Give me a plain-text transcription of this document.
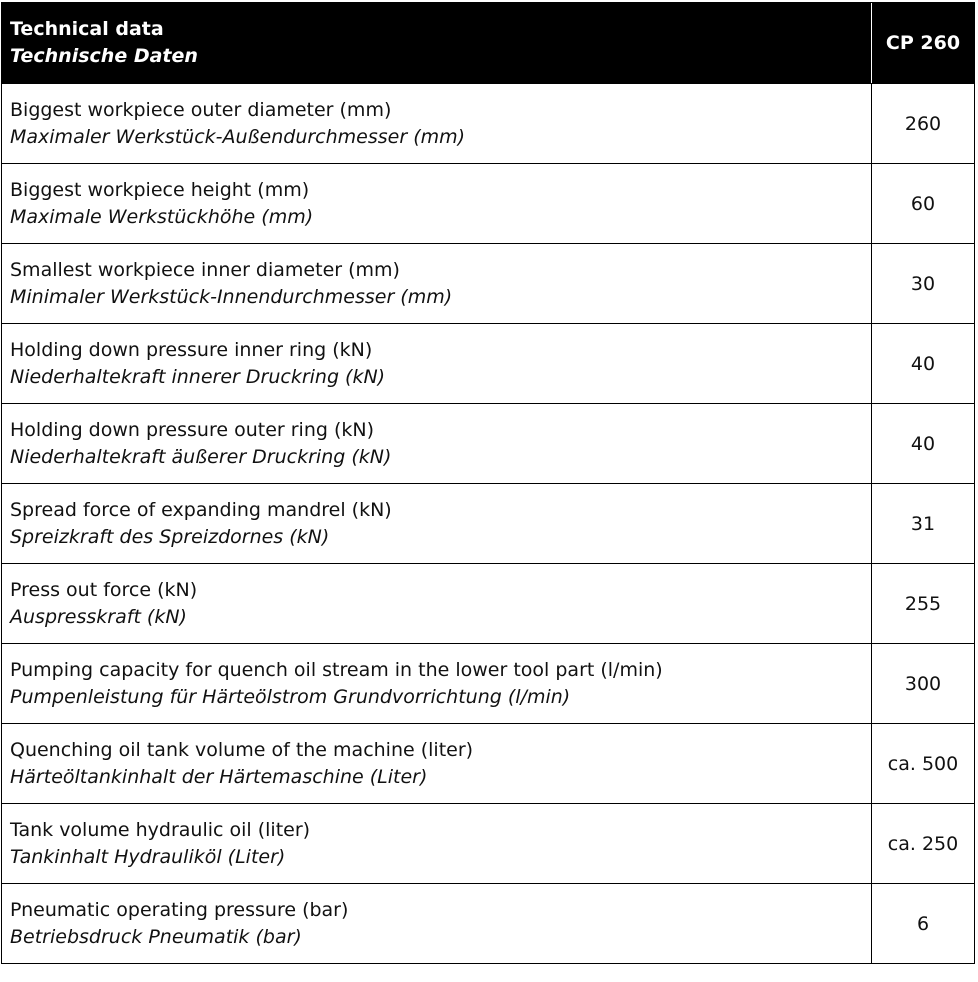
Technical data
Technische Daten
CP 260
Biggest workpiece outer diameter (mm)
Maximaler Werkstück-Außendurchmesser (mm)
260
Biggest workpiece height (mm)
Maximale Werkstückhöhe (mm)
60
Smallest workpiece inner diameter (mm)
Minimaler Werkstück-Innendurchmesser (mm)
30
Holding down pressure inner ring (kN)
Niederhaltekraft innerer Druckring (kN)
40
Holding down pressure outer ring (kN)
Niederhaltekraft äußerer Druckring (kN)
40
Spread force of expanding mandrel (kN)
Spreizkraft des Spreizdornes (kN)
31
Press out force (kN)
Auspresskraft (kN)
255
Pumping capacity for quench oil stream in the lower tool part (l/min)
Pumpenleistung für Härteölstrom Grundvorrichtung (l/min)
300
Quenching oil tank volume of the machine (liter)
Härteöltankinhalt der Härtemaschine (Liter)
ca. 500
Tank volume hydraulic oil (liter)
Tankinhalt Hydrauliköl (Liter)
ca. 250
Pneumatic operating pressure (bar)
Betriebsdruck Pneumatik (bar)
6
